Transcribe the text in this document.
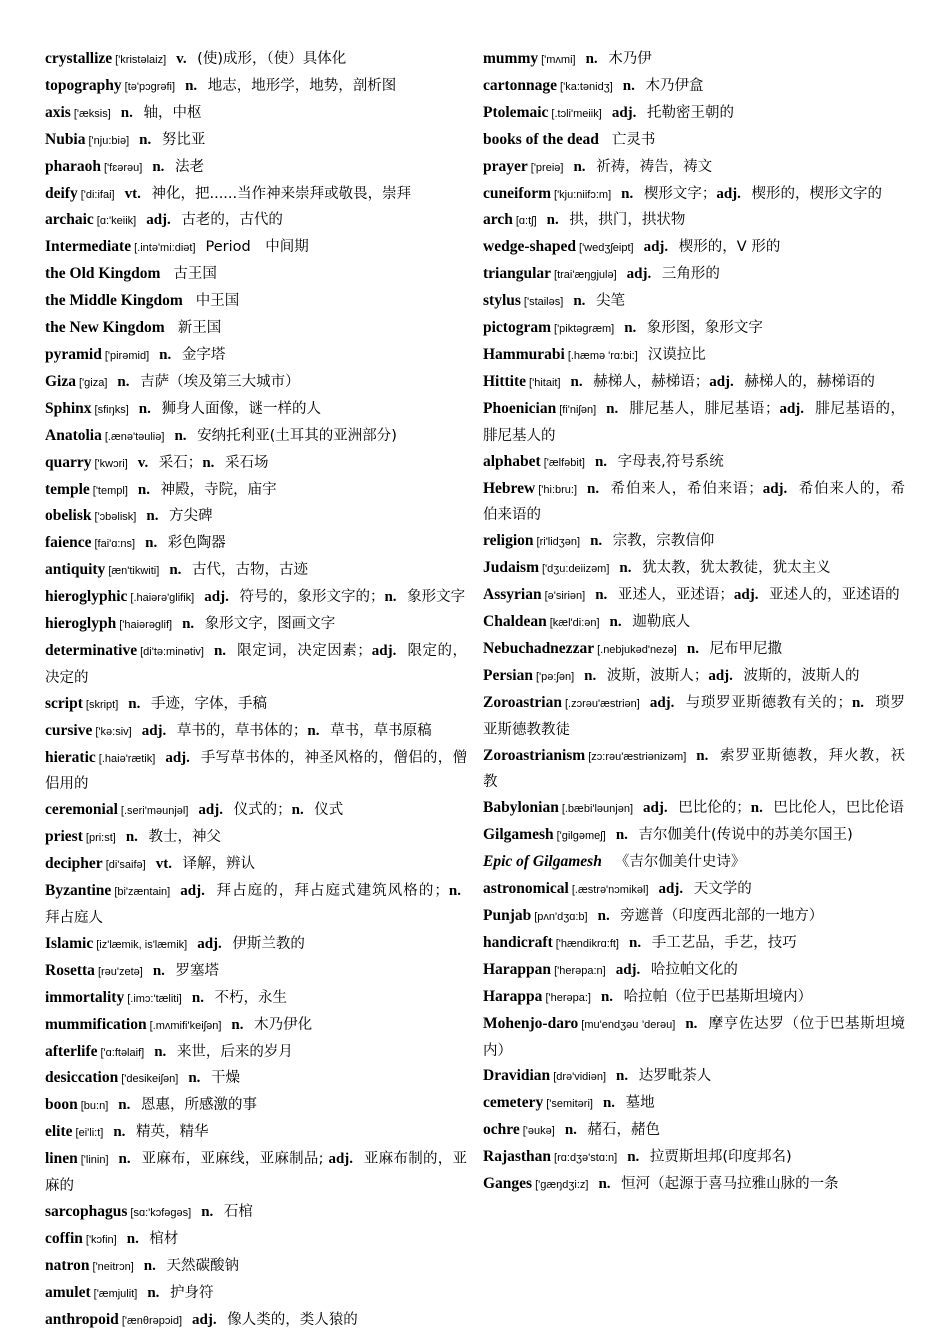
crystallize ['kristəlaiz] v. (使)成形，（使）具体化
topography [tə'pɔgrəfi] n. 地志，地形学，地势，剖析图
axis ['æksis] n. 轴，中枢
Nubia ['nju:biə] n. 努比亚
pharaoh ['fɛərəu] n. 法老
deify ['di:ifai] vt. 神化，把......当作神来崇拜或敬畏，崇拜
archaic [ɑ:'keiik] adj. 古老的，古代的
Intermediate [.intə'mi:diət] Period　中间期
the Old Kingdom 古王国
the Middle Kingdom 中王国
the New Kingdom 新王国
pyramid ['pirəmid] n. 金字塔
Giza ['giza] n. 吉萨（埃及第三大城市）
Sphinx [sfiŋks] n. 狮身人面像，谜一样的人
Anatolia [.ænə'təuliə] n. 安纳托利亚(土耳其的亚洲部分)
quarry ['kwɔri] v. 采石；n. 采石场
temple ['templ] n. 神殿，寺院，庙宇
obelisk ['ɔbəlisk] n. 方尖碑
faience [fai'ɑ:ns] n. 彩色陶器
antiquity [æn'tikwiti] n. 古代，古物，古迹
hieroglyphic [.haiərə'glifik] adj. 符号的，象形文字的；n. 象形文字
hieroglyph ['haiərəglif] n. 象形文字，图画文字
determinative [di'tə:minətiv] n. 限定词，决定因素；adj. 限定的，决定的
script [skript] n. 手迹，字体，手稿
cursive ['kə:siv] adj. 草书的，草书体的；n. 草书，草书原稿
hieratic [.haiə'rætik] adj. 手写草书体的，神圣风格的，僧侣的，僧侣用的
ceremonial [.seri'məunjəl] adj. 仪式的；n. 仪式
priest [pri:st] n. 教士，神父
decipher [di'saifə] vt. 译解，辨认
Byzantine [bi'zæntain] adj. 拜占庭的，拜占庭式建筑风格的；n. 拜占庭人
Islamic [iz'læmik, is'læmik] adj. 伊斯兰教的
Rosetta [rəu'zetə] n. 罗塞塔
immortality [.imɔ:'tæliti] n. 不朽，永生
mummification [.mʌmifi'keiʃən] n. 木乃伊化
afterlife ['ɑ:ftəlaif] n. 来世，后来的岁月
desiccation ['desikeiʃən] n. 干燥
boon [bu:n] n. 恩惠，所感激的事
elite [ei'li:t] n. 精英，精华
linen ['linin] n. 亚麻布，亚麻线，亚麻制品; adj. 亚麻布制的，亚麻的
sarcophagus [sɑ:'kɔfəgəs] n. 石棺
coffin ['kɔfin] n. 棺材
natron ['neitrɔn] n. 天然碳酸钠
amulet ['æmjulit] n. 护身符
anthropoid ['ænθrəpɔid] adj. 像人类的，类人猿的
mummy ['mʌmi] n. 木乃伊
cartonnage ['ka:tənidʒ] n. 木乃伊盒
Ptolemaic [.tɔli'meiik] adj. 托勒密王朝的
books of the dead 亡灵书
prayer ['preiə] n. 祈祷，祷告，祷文
cuneiform ['kju:niifɔ:m] n. 楔形文字；adj. 楔形的，楔形文字的
arch [ɑ:tʃ] n. 拱，拱门，拱状物
wedge-shaped ['wedʒʃeipt] adj. 楔形的，V 形的
triangular [trai'æŋgjulə] adj. 三角形的
stylus ['stailəs] n. 尖笔
pictogram ['piktəgræm] n. 象形图，象形文字
Hammurabi [.hæmə 'rɑ:bi:] 汉谟拉比
Hittite ['hitait] n. 赫梯人，赫梯语；adj. 赫梯人的，赫梯语的
Phoenician [fi'niʃən] n. 腓尼基人，腓尼基语；adj. 腓尼基语的，腓尼基人的
alphabet ['ælfəbit] n. 字母表,符号系统
Hebrew ['hi:bru:] n. 希伯来人，希伯来语；adj. 希伯来人的，希伯来语的
religion [ri'lidʒən] n. 宗教，宗教信仰
Judaism ['dʒu:deiizəm] n. 犹太教，犹太教徒，犹太主义
Assyrian [ə'siriən] n. 亚述人，亚述语；adj. 亚述人的，亚述语的
Chaldean [kæl'di:ən] n. 迦勒底人
Nebuchadnezzar [.nebjukəd'nezə] n. 尼布甲尼撒
Persian ['pə:ʃən] n. 波斯，波斯人；adj. 波斯的，波斯人的
Zoroastrian [.zɔrəu'æstriən] adj. 与琐罗亚斯德教有关的；n. 琐罗亚斯德教教徒
Zoroastrianism [zɔ:rəu'æstriənizəm] n. 索罗亚斯德教，拜火教，祆教
Babylonian [.bæbi'ləunjən] adj. 巴比伦的；n. 巴比伦人，巴比伦语
Gilgamesh ['gilgəmeʃ] n. 吉尔伽美什(传说中的苏美尔国王)
Epic of Gilgamesh 《吉尔伽美什史诗》
astronomical [.æstrə'nɔmikəl] adj. 天文学的
Punjab [pʌn'dʒɑ:b] n. 旁遮普（印度西北部的一地方）
handicraft ['hændikrɑ:ft] n. 手工艺品，手艺，技巧
Harappan ['herəpa:n] adj. 哈拉帕文化的
Harappa ['herəpa:] n. 哈拉帕（位于巴基斯坦境内）
Mohenjo-daro [mu'endʒəu 'derəu] n. 摩亨佐达罗（位于巴基斯坦境内）
Dravidian [drə'vidiən] n. 达罗毗荼人
cemetery ['semitəri] n. 墓地
ochre ['əukə] n. 赭石，赭色
Rajasthan [rɑ:dʒə'stɑ:n] n. 拉贾斯坦邦(印度邦名)
Ganges ['gæŋdʒi:z] n. 恒河（起源于喜马拉雅山脉的一条
